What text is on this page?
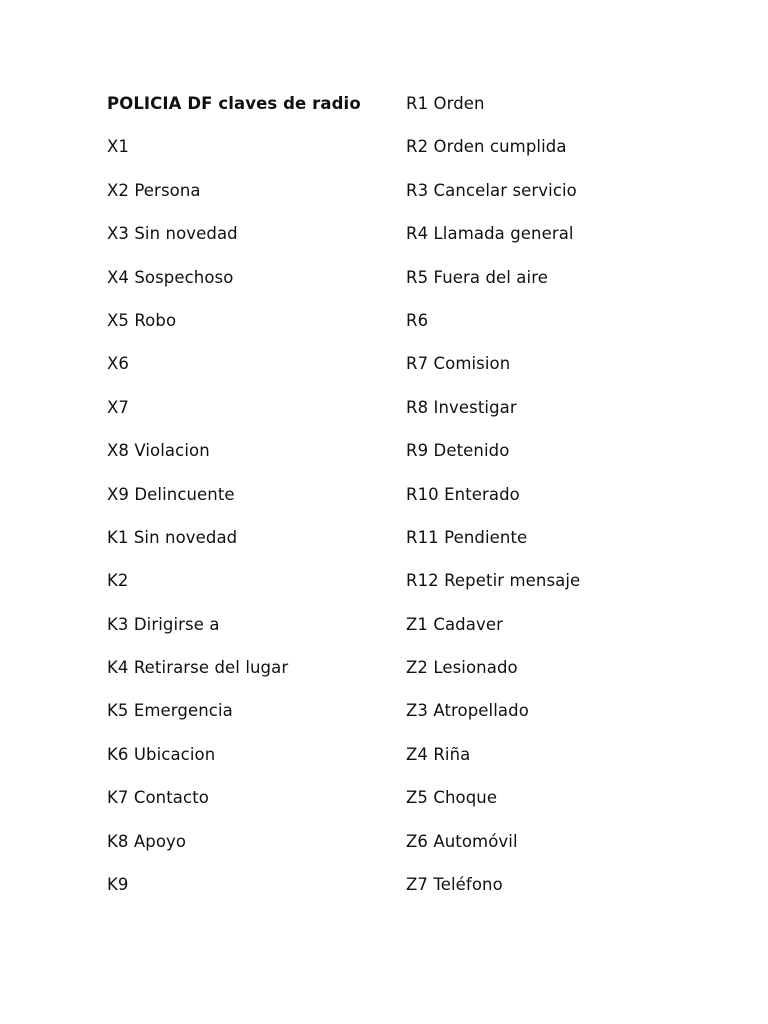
POLICIA DF claves de radio	R1 Orden
X1	R2 Orden cumplida
X2 Persona	R3 Cancelar servicio
X3 Sin novedad	R4 Llamada general
X4 Sospechoso	R5 Fuera del aire
X5 Robo	R6
X6	R7 Comision
X7	R8 Investigar
X8 Violacion	R9 Detenido
X9 Delincuente	R10 Enterado
K1 Sin novedad	R11 Pendiente
K2	R12 Repetir mensaje
K3 Dirigirse a	Z1 Cadaver
K4 Retirarse del lugar	Z2 Lesionado
K5 Emergencia	Z3 Atropellado
K6 Ubicacion	Z4 Riña
K7 Contacto	Z5 Choque
K8 Apoyo	Z6 Automóvil
K9	Z7 Teléfono
